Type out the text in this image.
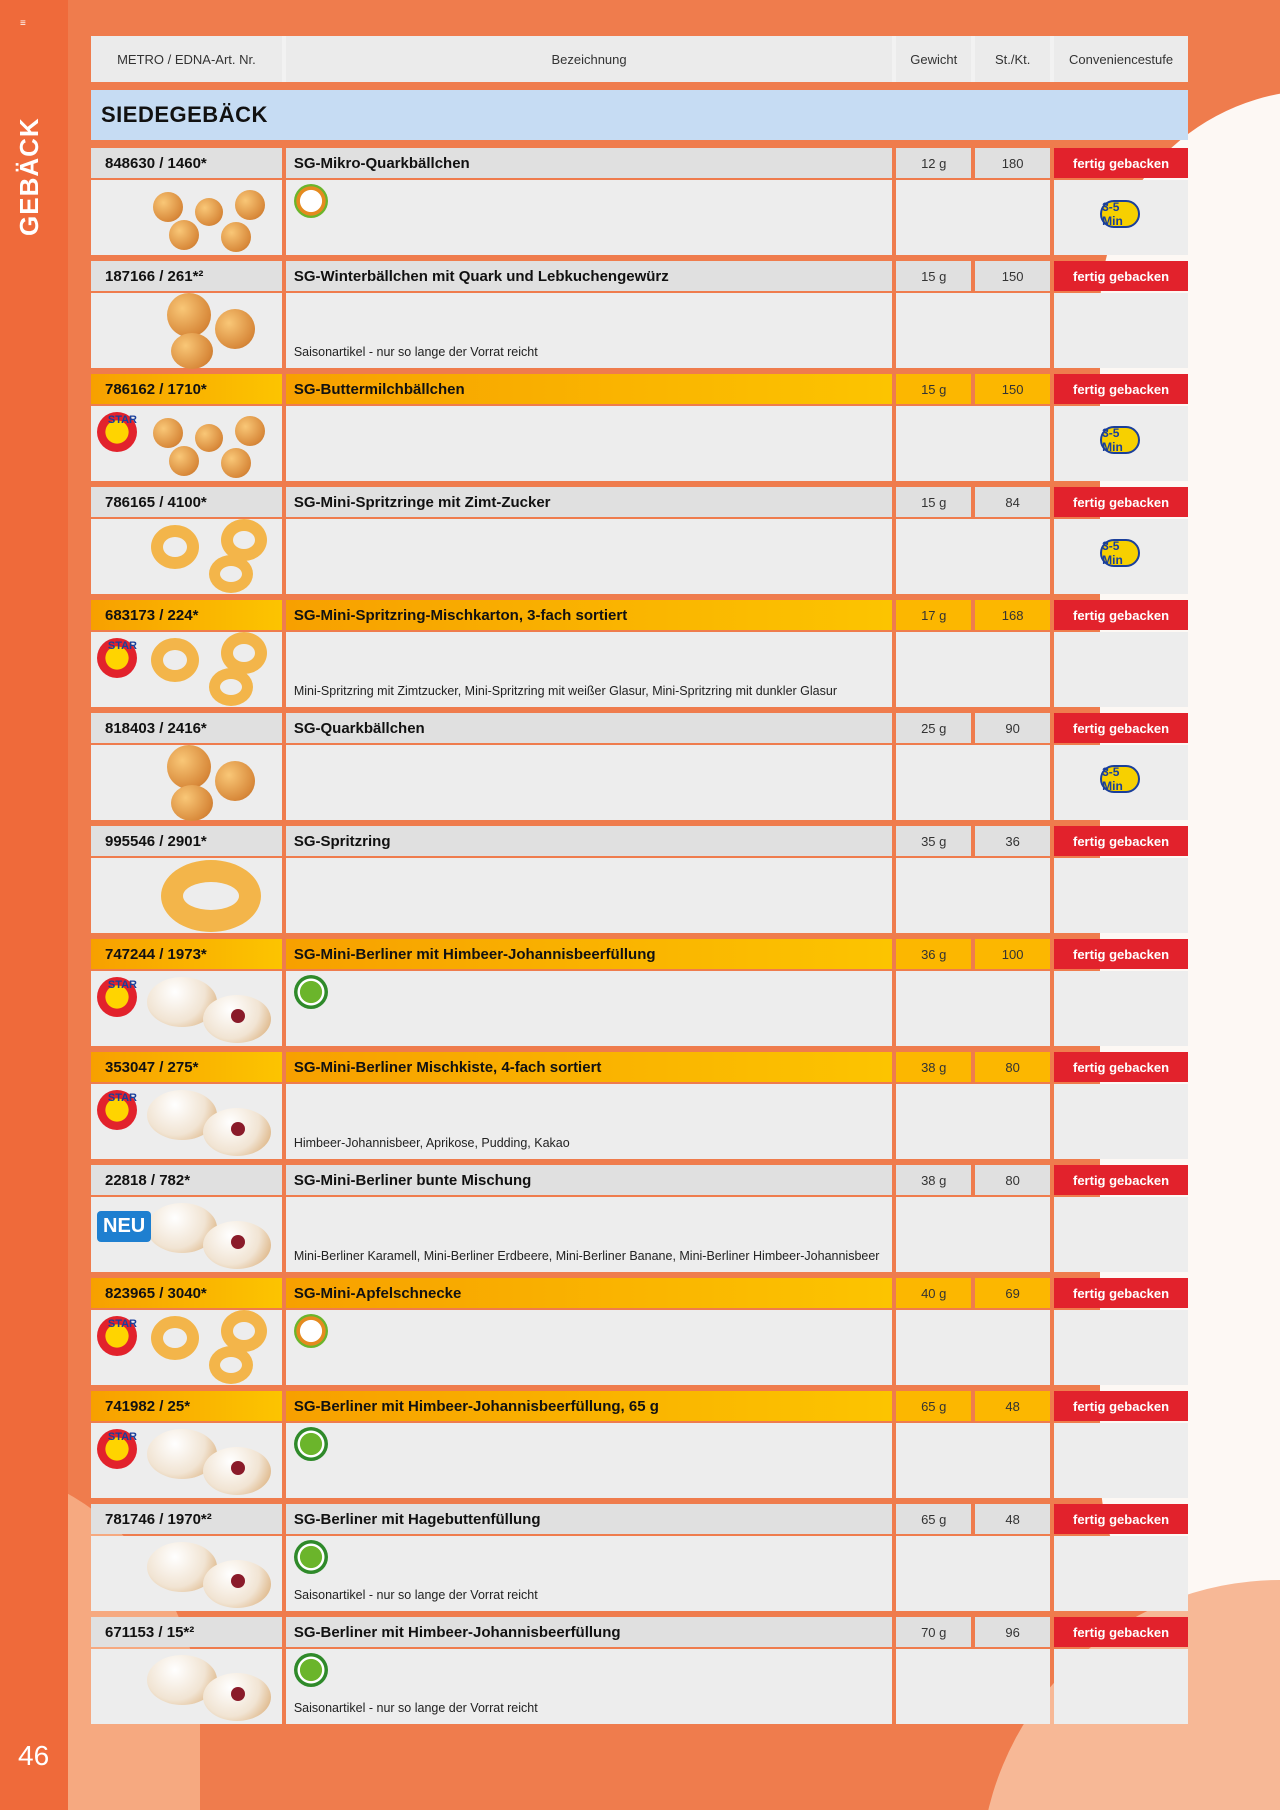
≡
GEBÄCK
46
METRO / EDNA-Art. Nr.	Bezeichnung	Gewicht	St./Kt.	Conveniencestufe
SIEDEGEBÄCK
848630 / 1460*	SG-Mikro-Quarkbällchen	12 g	180	fertig gebacken
3-5 Min
187166 / 261*²	SG-Winterbällchen mit Quark und Lebkuchengewürz	15 g	150	fertig gebacken
Saisonartikel - nur so lange der Vorrat reicht
786162 / 1710*	SG-Buttermilchbällchen	15 g	150	fertig gebacken
STAR
3-5 Min
786165 / 4100*	SG-Mini-Spritzringe mit Zimt-Zucker	15 g	84	fertig gebacken
3-5 Min
683173 / 224*	SG-Mini-Spritzring-Mischkarton, 3-fach sortiert	17 g	168	fertig gebacken
STAR
Mini-Spritzring mit Zimtzucker, Mini-Spritzring mit weißer Glasur, Mini-Spritzring mit dunkler Glasur
818403 / 2416*	SG-Quarkbällchen	25 g	90	fertig gebacken
3-5 Min
995546 / 2901*	SG-Spritzring	35 g	36	fertig gebacken
747244 / 1973*	SG-Mini-Berliner mit Himbeer-Johannisbeerfüllung	36 g	100	fertig gebacken
STAR
353047 / 275*	SG-Mini-Berliner Mischkiste, 4-fach sortiert	38 g	80	fertig gebacken
STAR
Himbeer-Johannisbeer, Aprikose, Pudding, Kakao
22818 / 782*	SG-Mini-Berliner bunte Mischung	38 g	80	fertig gebacken
NEU
Mini-Berliner Karamell, Mini-Berliner Erdbeere, Mini-Berliner Banane, Mini-Berliner Himbeer-Johannisbeer
823965 / 3040*	SG-Mini-Apfelschnecke	40 g	69	fertig gebacken
STAR
741982 / 25*	SG-Berliner mit Himbeer-Johannisbeerfüllung, 65 g	65 g	48	fertig gebacken
STAR
781746 / 1970*²	SG-Berliner mit Hagebuttenfüllung	65 g	48	fertig gebacken
Saisonartikel - nur so lange der Vorrat reicht
671153 / 15*²	SG-Berliner mit Himbeer-Johannisbeerfüllung	70 g	96	fertig gebacken
Saisonartikel - nur so lange der Vorrat reicht
